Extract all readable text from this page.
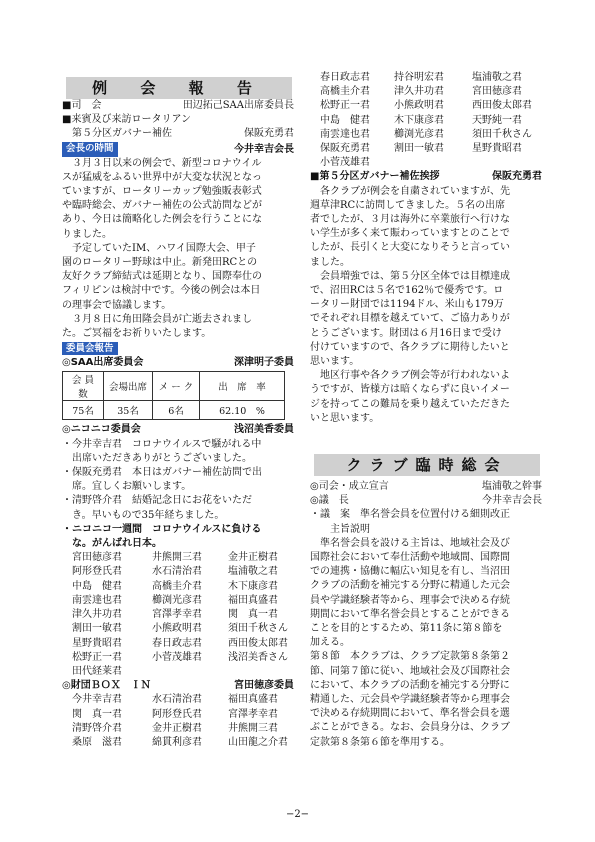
例 会 報 告
■司　会	田辺拓己SAA出席委員長
■来賓及び来訪ロータリアン
第５分区ガバナー補佐	保阪充勇君
会長の時間	今井幸吉会長
　３月３日以来の例会で、新型コロナウイル
スが猛威をふるい世界中が大変な状況となっ
ていますが、ロータリーカップ勉強販表彰式
や臨時総会、ガバナー補佐の公式訪問などが
あり、今日は簡略化した例会を行うことにな
りました。
　予定していたIM、ハワイ国際大会、甲子
園のロータリー野球は中止。新発田RCとの
友好クラブ締結式は延期となり、国際奉仕の
フィリピンは検討中です。今後の例会は本日
の理事会で協議します。
　３月８日に角田隆会員が亡逝去されまし
た。ご冥福をお祈りいたします。
委員会報告
◎SAA出席委員会	深津明子委員
会 員 数	会場出席	メ ー ク	出　席　率
75名	35名	6名	62.10　%
◎ニコニコ委員会	浅沼美香委員
・今井幸吉君　コロナウイルスで騒がれる中
　出席いただきありがとうございました。
・保阪充勇君　本日はガバナー補佐訪問で出
　席。宜しくお願いします。
・清野啓介君　結婚記念日にお花をいただ
　き。早いもので35年経ちました。
・ニコニコ一週間　コロナウイルスに負ける
　な。がんばれ日本。
宮田徳彦君	井熊開三君	金井正樹君
阿形登氏君	水石清治君	塩浦敬之君
中島　健君	高橋圭介君	木下康彦君
南雲達也君	櫛渕光彦君	福田真盛君
津久井功君	宮澤孝幸君	関　真一君
割田一敏君	小熊政明君	須田千秋さん
星野貴昭君	春日政志君	西田俊太郎君
松野正一君	小菅茂雄君	浅沼美香さん
田代経莱君
◎財団ＢＯＸ　ＩＮ	宮田徳彦委員
今井幸吉君	水石清治君	福田真盛君
関　真一君	阿形登氏君	宮澤孝幸君
清野啓介君	金井正樹君	井熊開三君
桑原　滋君	綿貫利彦君	山田龍之介君
春日政志君	持谷明宏君	塩浦敬之君
高橋圭介君	津久井功君	宮田徳彦君
松野正一君	小熊政明君	西田俊太郎君
中島　健君	木下康彦君	天野純一君
南雲達也君	櫛渕光彦君	須田千秋さん
保阪充勇君	割田一敏君	星野貴昭君
小菅茂雄君
■第５分区ガバナー補佐挨拶	保阪充勇君
　各クラブが例会を自粛されていますが、先
週草津RCに訪問してきました。５名の出席
者でしたが、３月は海外に卒業旅行へ行けな
い学生が多く来て賑わっていますとのことで
したが、長引くと大変になりそうと言ってい
ました。
　会員増強では、第５分区全体では目標達成
で、沼田RCは５名で162％で優秀です。ロ
ータリー財団では1194ドル、米山も179万
でそれぞれ目標を越えていて、ご協力ありが
とうございます。財団は６月16日まで受け
付けていますので、各クラブに期待したいと
思います。
　地区行事や各クラブ例会等が行われないよ
うですが、皆様方は暗くならずに良いイメー
ジを持ってこの難局を乗り越えていただきた
いと思います。
クラブ臨時総会
◎司会・成立宣言	塩浦敬之幹事
◎議　長	今井幸吉会長
・議　案　準名誉会員を位置付ける細則改正
　　主旨説明
　準名誉会員を設ける主旨は、地域社会及び
国際社会において奉仕活動や地域間、国際間
での連携・協働に幅広い知見を有し、当沼田
クラブの活動を補完する分野に精通した元会
員や学識経験者等から、理事会で決める存続
期間において準名誉会員とすることができる
ことを目的とするため、第11条に第８節を
加える。
第８節　本クラブは、クラブ定款第８条第２
節、同第７節に従い、地域社会及び国際社会
において、本クラブの活動を補完する分野に
精通した、元会員や学識経験者等から理事会
で決める存続期間において、準名誉会員を選
ぶことができる。なお、会員身分は、クラブ
定款第８条第６節を準用する。
−2−
